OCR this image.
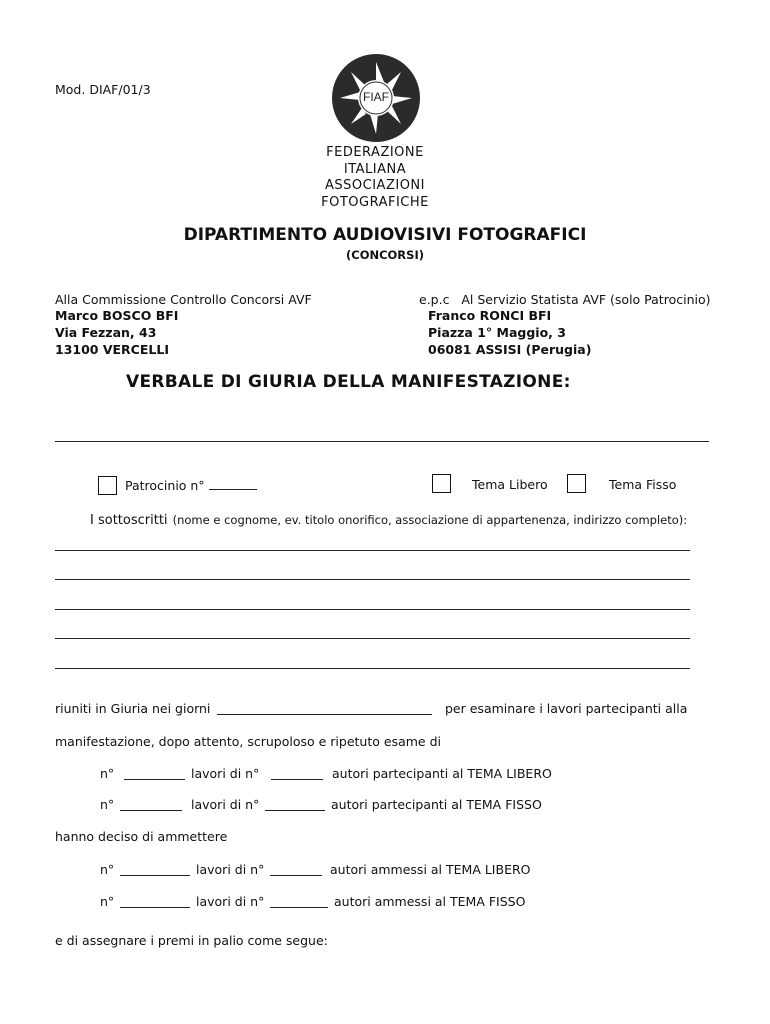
Mod. DIAF/01/3	FIAF
FEDERAZIONE
ITALIANA
ASSOCIAZIONI
FOTOGRAFICHE
DIPARTIMENTO AUDIOVISIVI FOTOGRAFICI
(CONCORSI)
Alla Commissione Controllo Concorsi AVF
Marco BOSCO BFI
Via Fezzan, 43
13100 VERCELLI
e.p.c Al Servizio Statista AVF (solo Patrocinio)
Franco RONCI BFI
Piazza 1° Maggio, 3
06081 ASSISI (Perugia)
VERBALE DI GIURIA DELLA MANIFESTAZIONE:
Patrocinio n°	Tema Libero	Tema Fisso
I sottoscritti (nome e cognome, ev. titolo onorifico, associazione di appartenenza, indirizzo completo):
riuniti in Giuria nei giorni	per esaminare i lavori partecipanti alla
manifestazione, dopo attento, scrupoloso e ripetuto esame di
n°	lavori di n°	autori partecipanti al TEMA LIBERO
n°	lavori di n°	autori partecipanti al TEMA FISSO
hanno deciso di ammettere
n°	lavori di n°	autori ammessi al TEMA LIBERO
n°	lavori di n°	autori ammessi al TEMA FISSO
e di assegnare i premi in palio come segue:
